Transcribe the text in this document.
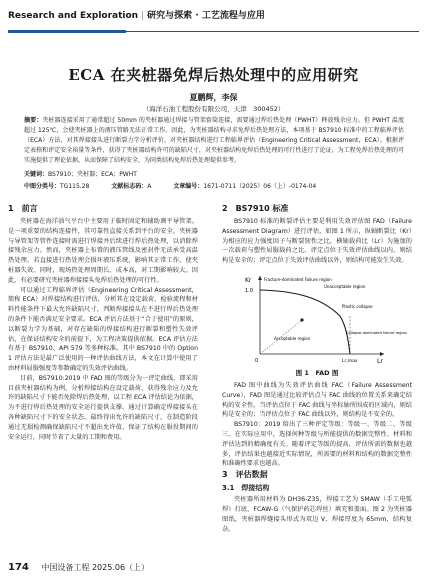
Research and Exploration | 研究与探索 · 工艺流程与应用
ECA 在夹桩器免焊后热处理中的应用研究
夏鹏辉，李保
（海洋石油工程股份有限公司，天津　300452）

摘要：夹桩器连接采用了通常超过 50mm 的夹桩器通过焊接与管架套筒连接，需要通过焊后热处理（PWHT）释放残余应力。但 PWHT 温度超过 125℃，会使夹桩器上的液压管路无法正常工作。因此，为夹桩器结构寻求免焊后热处理方法，本项基于 BS7910 标准中的工程临界评估（ECA）方法，对其焊接接头进行断裂力学分析评价，对夹桩器结构进行工程临界评估（Engineering Critical Assessment，ECA）。根据评定表格和评定安全裕量等条件，获得了夹桩器结构许可的缺陷尺寸，对夹桩器结构免焊后热处理的可行性进行了论证，为工程免焊后热处理的可实施提供了理论依据，从而保障了结构安全，为同类结构免焊后热处理提供参考。

关键词：BS7910；夹桩器；ECA；PWHT

中图分类号：TG115.28	文献标志码：A	文章编号：1671-0711（2025）06（上）-0174-04

1　前言

夹桩器在海洋油气平台中主要用于临时固定和辅助调平导管架。是一项重要的结构连接件，其可靠性直接关系到平台的安全。夹桩器与导管架等管件连接时需进行焊接并后续进行焊后热处理，以消除焊接残余应力。然而，夹桩器上布置的液压管线及密封件无法承受高温热处理，若直接进行热处理会损坏液压系统，影响其正常工作，使夹桩器失效。同时，现场热处理周期长、成本高，对工期影响较大。因此，有必要研究夹桩器焊接接头免焊后热处理的可行性。

可以通过工程临界评估（Engineering Critical Assessment，简称 ECA）对焊接结构进行评估，分析其在设定载荷、检验流程和材料性能条件下最大允许缺陷尺寸，判断焊接接头在不进行焊后热处理的条件下能否满足安全要求。ECA 评估方法基于“合于使用”的原则，以断裂力学为基础，对存在缺陷的焊接结构进行断裂和塑性失效评估，在保证结构安全的前提下，为工程决策提供依据。ECA 评估方法有基于 BS7910、API 579 等多种标准。其中 BS7910 中的 Option 1 评估方法是最广泛使用的一种评估曲线方法，本文在计算中使用了由材料屈服强度等参数确定的失效评估曲线。

目前，BS7910:2019 中 FAD 图的等级分为一评定曲线，即采用目前夹桩器结构为例，分析焊接结构在设定载荷、获得残余应力及允许的缺陷尺寸下能否免除焊后热处理，以工程 ECA 评估结论为依据，为不进行焊后热处理的安全运行提供支撑。通过计算确定焊接接头在各种缺陷尺寸下的安全状态，最终得出允许的缺陷尺寸，在制造阶段通过无损检测确保缺陷尺寸不超出允许值，保证了结构在服役期间的安全运行，同时节省了大量的工期和费用。

2　BS7910 标准

BS7910 标准的断裂评估主要是利用失效评估图 FAD（Failure Assessment Diagram）进行评估，如图 1 所示，纵轴断裂比（Kr）为相应的应力强度因子与断裂韧性之比，横轴载荷比（Lr）为施加的一次载荷与塑性屈服载荷之比。评定点位于失效评估曲线以内，则结构是安全的；评定点位于失效评估曲线以外，则结构可能发生失效。

Kr
Lr
1.0
0
Fracture-dominated Failure region
Unacceptable region
Acceptable region
Plastic collapse
Collapse-dominated failure region
Lr,max
图 1　FAD 图

FAD 图中曲线为失效评估曲线 FAC（Failure Assessment Curve），FAD 图是通过比较评估点与 FAC 曲线的位置关系来确定结构的安全性。当评估点位于 FAC 曲线与坐标轴所围成的区域内，则结构是安全的；当评估点位于 FAC 曲线以外，则结构是不安全的。

BS7910：2019 给出了三种评定等级：等级一、等级二、等级三。在实际应用中，选择何种等级与所能提供的数据完整性、材料和评估达到的精确度有关。随着评定等级的提高，评估所需的数据也越多，评估结果也越接近实际情况，所需要的材料和结构的数据完整性和准确性要求也越高。

3　评估数据
3.1　焊接结构

夹桩器所用材料为 DH36-Z35，焊接工艺为 SMAW（手工电弧焊）打底，FCAW-G（气保护药芯焊丝）填充和盖面。图 2 为夹桩器图纸，夹桩器焊缝接头形式为双边 V，焊接厚度为 65mm，结构复杂。

174 中国设备工程 2025.06（上）
